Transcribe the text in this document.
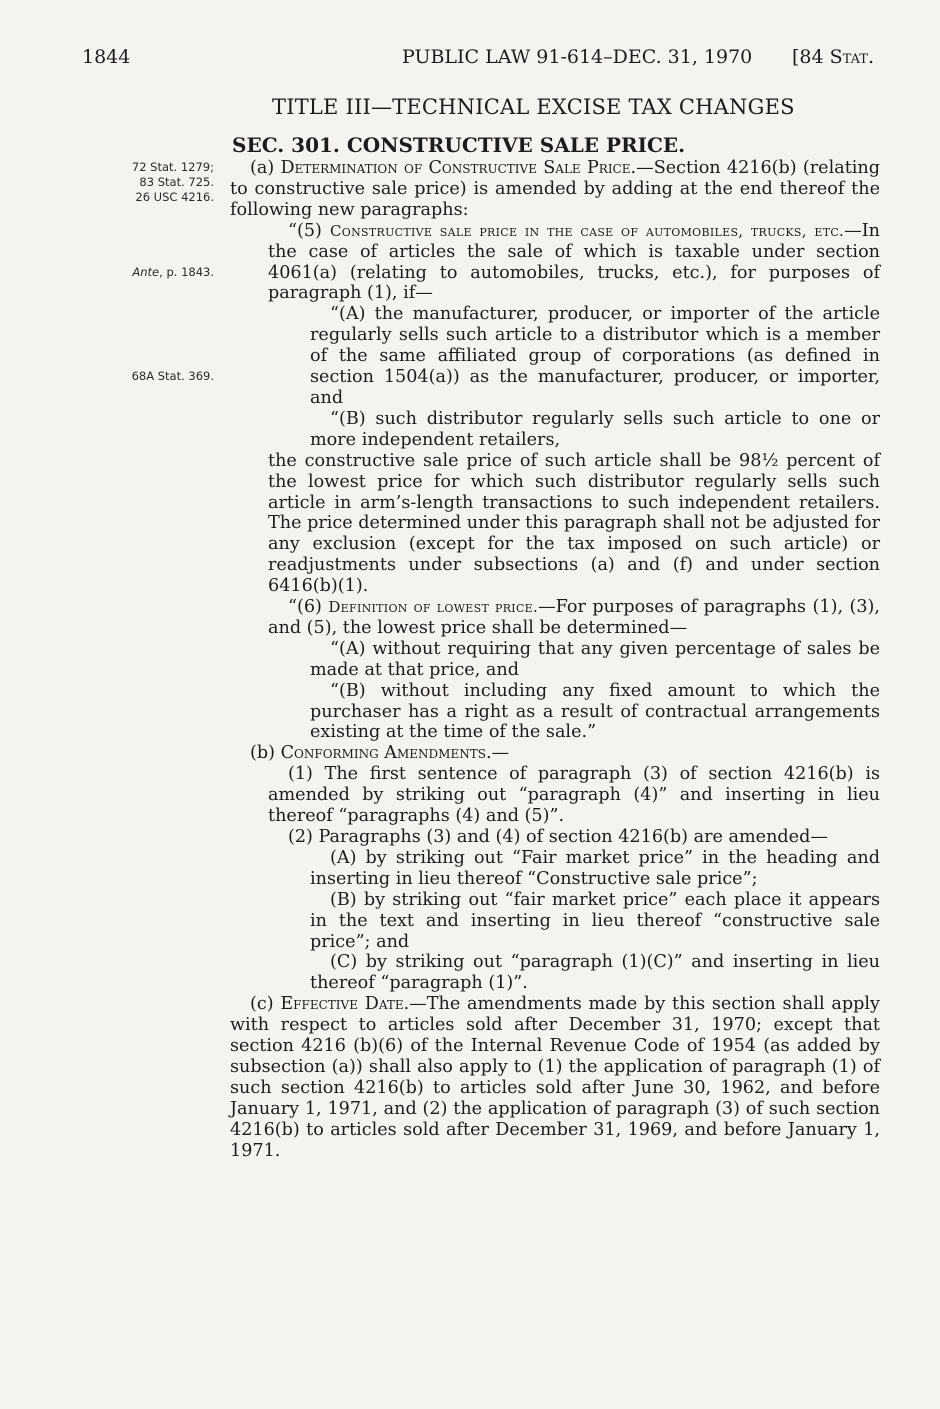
1844	PUBLIC LAW 91-614–DEC. 31, 1970 [84 Stat.
72 Stat. 1279;
83 Stat. 725.
26 USC 4216.
Ante, p. 1843.
68A Stat. 369.
TITLE III—TECHNICAL EXCISE TAX CHANGES
SEC. 301. CONSTRUCTIVE SALE PRICE.

(a) Determination of Constructive Sale Price.—Section 4216(b) (relating to constructive sale price) is amended by adding at the end thereof the following new paragraphs:

“(5) Constructive sale price in the case of automobiles, trucks, etc.—In the case of articles the sale of which is taxable under section 4061(a) (relating to automobiles, trucks, etc.), for purposes of paragraph (1), if—

“(A) the manufacturer, producer, or importer of the article regularly sells such article to a distributor which is a member of the same affiliated group of corporations (as defined in section 1504(a)) as the manufacturer, producer, or importer, and

“(B) such distributor regularly sells such article to one or more independent retailers,

the constructive sale price of such article shall be 98½ percent of the lowest price for which such distributor regularly sells such article in arm’s-length transactions to such independent retailers. The price determined under this paragraph shall not be adjusted for any exclusion (except for the tax imposed on such article) or readjustments under subsections (a) and (f) and under section 6416(b)(1).

“(6) Definition of lowest price.—For purposes of paragraphs (1), (3), and (5), the lowest price shall be determined—

“(A) without requiring that any given percentage of sales be made at that price, and

“(B) without including any fixed amount to which the purchaser has a right as a result of contractual arrangements existing at the time of the sale.”

(b) Conforming Amendments.—

(1) The first sentence of paragraph (3) of section 4216(b) is amended by striking out “paragraph (4)” and inserting in lieu thereof “paragraphs (4) and (5)”.

(2) Paragraphs (3) and (4) of section 4216(b) are amended—

(A) by striking out “Fair market price” in the heading and inserting in lieu thereof “Constructive sale price”;

(B) by striking out “fair market price” each place it appears in the text and inserting in lieu thereof “constructive sale price”; and

(C) by striking out “paragraph (1)(C)” and inserting in lieu thereof “paragraph (1)”.

(c) Effective Date.—The amendments made by this section shall apply with respect to articles sold after December 31, 1970; except that section 4216 (b)(6) of the Internal Revenue Code of 1954 (as added by subsection (a)) shall also apply to (1) the application of paragraph (1) of such section 4216(b) to articles sold after June 30, 1962, and before January 1, 1971, and (2) the application of paragraph (3) of such section 4216(b) to articles sold after December 31, 1969, and before January 1, 1971.
